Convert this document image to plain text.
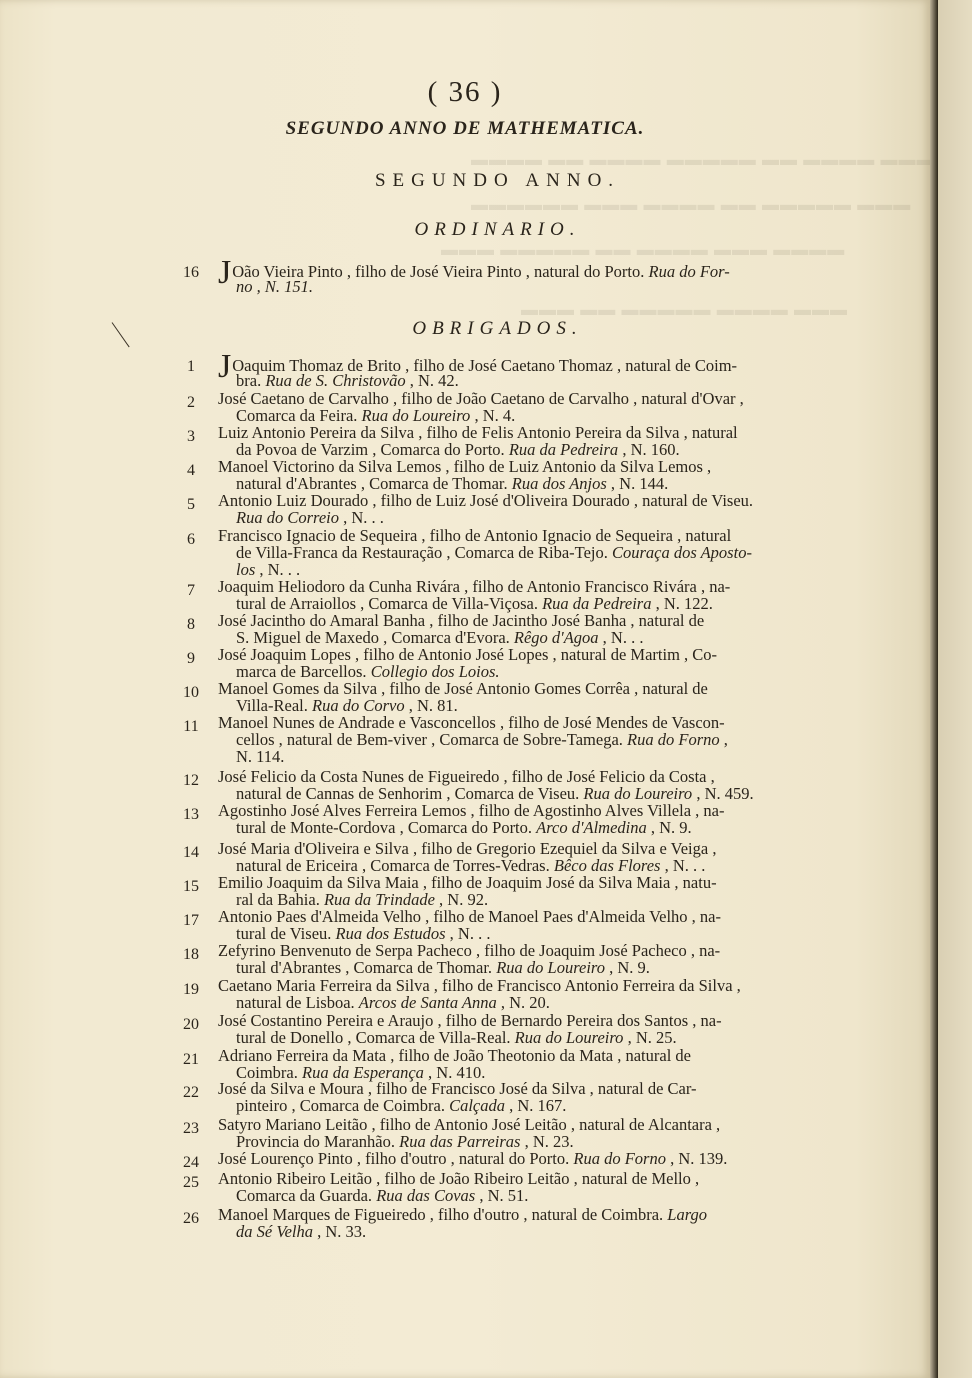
▬▬▬ ▬▬▬▬ ▬▬ ▬▬▬▬▬ ▬▬▬▬ ▬▬ ▬▬▬▬
▬▬▬ ▬▬▬▬▬ ▬▬ ▬▬▬▬ ▬▬▬ ▬▬▬▬▬▬
▬▬▬▬ ▬▬▬ ▬▬▬▬ ▬▬ ▬▬▬▬▬ ▬▬▬
▬▬▬ ▬▬▬▬ ▬▬▬▬▬ ▬▬ ▬▬▬
( 36 )
SEGUNDO ANNO DE MATHEMATICA.
SEGUNDO ANNO.
ORDINARIO.
16 JOão Vieira Pinto , filho de José Vieira Pinto , natural do Porto. Rua do For-
no , N. 151.
OBRIGADOS.
1 JOaquim Thomaz de Brito , filho de José Caetano Thomaz , natural de Coim-
bra. Rua de S. Christovão , N. 42.
2	José Caetano de Carvalho , filho de João Caetano de Carvalho , natural d'Ovar ,
Comarca da Feira. Rua do Loureiro , N. 4.
3	Luiz Antonio Pereira da Silva , filho de Felis Antonio Pereira da Silva , natural
da Povoa de Varzim , Comarca do Porto. Rua da Pedreira , N. 160.
4	Manoel Victorino da Silva Lemos , filho de Luiz Antonio da Silva Lemos ,
natural d'Abrantes , Comarca de Thomar. Rua dos Anjos , N. 144.
5	Antonio Luiz Dourado , filho de Luiz José d'Oliveira Dourado , natural de Viseu.
Rua do Correio , N. . .
6	Francisco Ignacio de Sequeira , filho de Antonio Ignacio de Sequeira , natural
de Villa-Franca da Restauração , Comarca de Riba-Tejo. Couraça dos Aposto-
los , N. . .
7	Joaquim Heliodoro da Cunha Rivára , filho de Antonio Francisco Rivára , na-
tural de Arraiollos , Comarca de Villa-Viçosa. Rua da Pedreira , N. 122.
8	José Jacintho do Amaral Banha , filho de Jacintho José Banha , natural de
S. Miguel de Maxedo , Comarca d'Evora. Rêgo d'Agoa , N. . .
9	José Joaquim Lopes , filho de Antonio José Lopes , natural de Martim , Co-
marca de Barcellos. Collegio dos Loios.
10	Manoel Gomes da Silva , filho de José Antonio Gomes Corrêa , natural de
Villa-Real. Rua do Corvo , N. 81.
11	Manoel Nunes de Andrade e Vasconcellos , filho de José Mendes de Vascon-
cellos , natural de Bem-viver , Comarca de Sobre-Tamega. Rua do Forno ,
N. 114.
12	José Felicio da Costa Nunes de Figueiredo , filho de José Felicio da Costa ,
natural de Cannas de Senhorim , Comarca de Viseu. Rua do Loureiro , N. 459.
13	Agostinho José Alves Ferreira Lemos , filho de Agostinho Alves Villela , na-
tural de Monte-Cordova , Comarca do Porto. Arco d'Almedina , N. 9.
14	José Maria d'Oliveira e Silva , filho de Gregorio Ezequiel da Silva e Veiga ,
natural de Ericeira , Comarca de Torres-Vedras. Bêco das Flores , N. . .
15	Emilio Joaquim da Silva Maia , filho de Joaquim José da Silva Maia , natu-
ral da Bahia. Rua da Trindade , N. 92.
17	Antonio Paes d'Almeida Velho , filho de Manoel Paes d'Almeida Velho , na-
tural de Viseu. Rua dos Estudos , N. . .
18	Zefyrino Benvenuto de Serpa Pacheco , filho de Joaquim José Pacheco , na-
tural d'Abrantes , Comarca de Thomar. Rua do Loureiro , N. 9.
19	Caetano Maria Ferreira da Silva , filho de Francisco Antonio Ferreira da Silva ,
natural de Lisboa. Arcos de Santa Anna , N. 20.
20	José Costantino Pereira e Araujo , filho de Bernardo Pereira dos Santos , na-
tural de Donello , Comarca de Villa-Real. Rua do Loureiro , N. 25.
21	Adriano Ferreira da Mata , filho de João Theotonio da Mata , natural de
Coimbra. Rua da Esperança , N. 410.
22	José da Silva e Moura , filho de Francisco José da Silva , natural de Car-
pinteiro , Comarca de Coimbra. Calçada , N. 167.
23	Satyro Mariano Leitão , filho de Antonio José Leitão , natural de Alcantara ,
Provincia do Maranhão. Rua das Parreiras , N. 23.
24	José Lourenço Pinto , filho d'outro , natural do Porto. Rua do Forno , N. 139.
25	Antonio Ribeiro Leitão , filho de João Ribeiro Leitão , natural de Mello ,
Comarca da Guarda. Rua das Covas , N. 51.
26	Manoel Marques de Figueiredo , filho d'outro , natural de Coimbra. Largo
da Sé Velha , N. 33.
